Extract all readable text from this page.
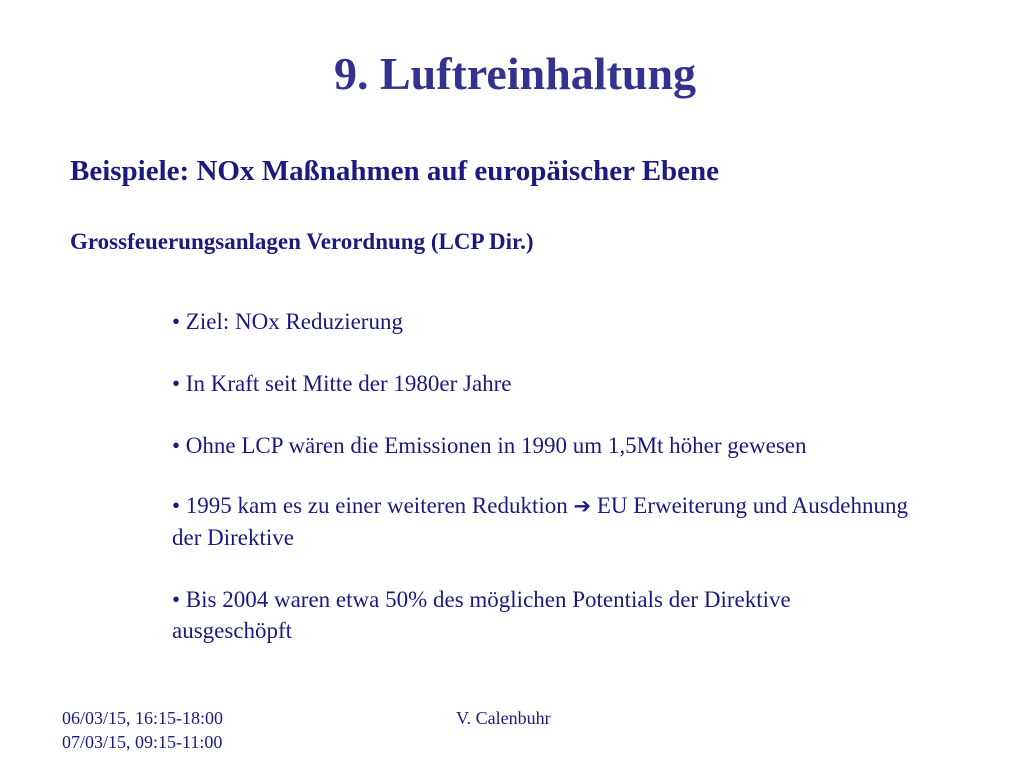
9. Luftreinhaltung
Beispiele: NOx Maßnahmen auf europäischer Ebene
Grossfeuerungsanlagen Verordnung (LCP Dir.)

• Ziel: NOx Reduzierung

• In Kraft seit Mitte der 1980er Jahre

• Ohne LCP wären die Emissionen in 1990 um 1,5Mt höher gewesen

• 1995 kam es zu einer weiteren Reduktion ➔ EU Erweiterung und Ausdehnung der Direktive

• Bis 2004 waren etwa 50% des möglichen Potentials der Direktive ausgeschöpft

06/03/15, 16:15-18:00
07/03/15, 09:15-11:00
V. Calenbuhr
